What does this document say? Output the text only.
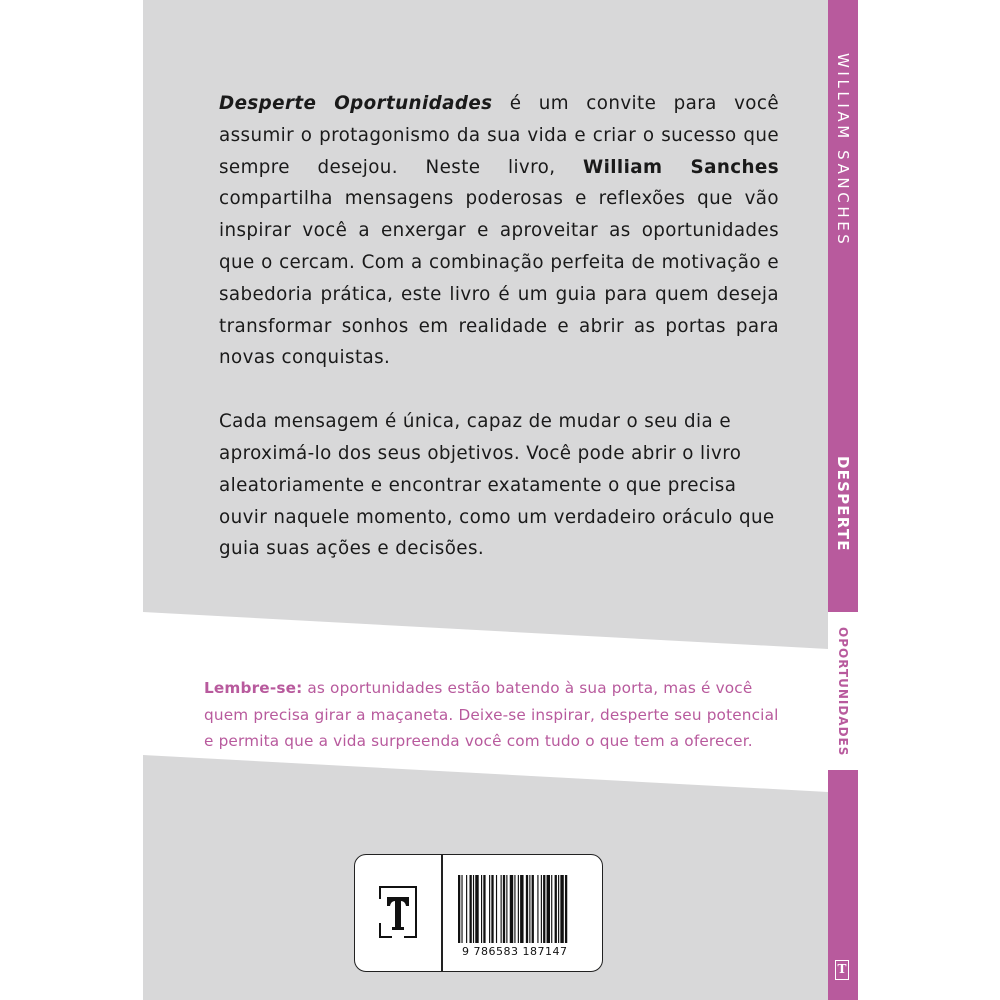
Desperte Oportunidades é um convite para você assumir o protagonismo da sua vida e criar o sucesso que sempre desejou. Neste livro, William Sanches compartilha mensagens poderosas e reflexões que vão inspirar você a enxergar e aproveitar as oportunidades que o cercam. Com a combinação perfeita de motivação e sabedoria prática, este livro é um guia para quem deseja transformar sonhos em realidade e abrir as portas para novas conquistas.

Cada mensagem é única, capaz de mudar o seu dia e aproximá-lo dos seus objetivos. Você pode abrir o livro aleatoriamente e encontrar exatamente o que precisa ouvir naquele momento, como um verdadeiro oráculo que guia suas ações e decisões.

Lembre-se: as oportunidades estão batendo à sua porta, mas é você quem precisa girar a maçaneta. Deixe-se inspirar, desperte seu potencial e permita que a vida surpreenda você com tudo o que tem a oferecer.
WILLIAM SANCHES
DESPERTE
OPORTUNIDADES
T
9 786583 187147
